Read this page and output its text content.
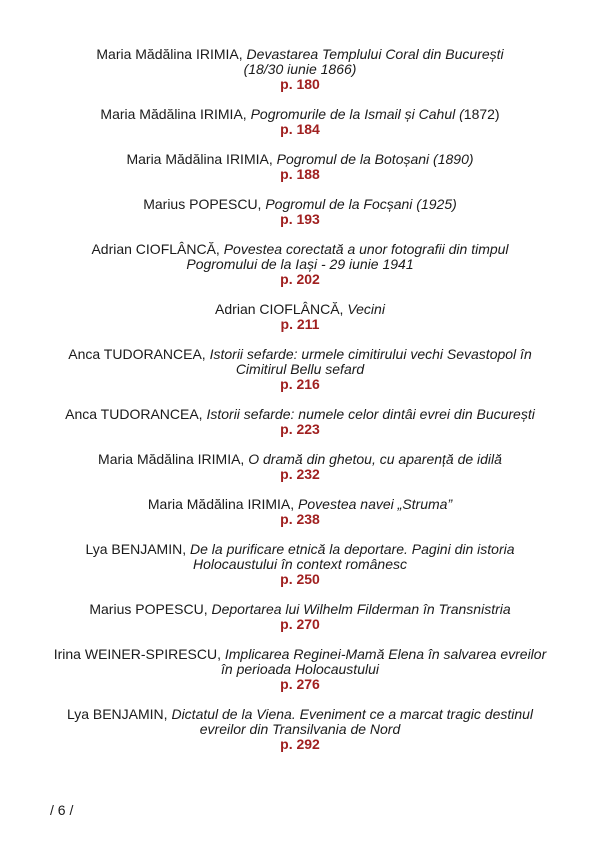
Maria Mădălina IRIMIA, Devastarea Templului Coral din București
(18/30 iunie 1866)

p. 180

Maria Mădălina IRIMIA, Pogromurile de la Ismail și Cahul (1872)

p. 184

Maria Mădălina IRIMIA, Pogromul de la Botoșani (1890)

p. 188

Marius POPESCU, Pogromul de la Focșani (1925)

p. 193

Adrian CIOFLÂNCĂ, Povestea corectată a unor fotografii din timpul
Pogromului de la Iași - 29 iunie 1941

p. 202

Adrian CIOFLÂNCĂ, Vecini

p. 211

Anca TUDORANCEA, Istorii sefarde: urmele cimitirului vechi Sevastopol în
Cimitirul Bellu sefard

p. 216

Anca TUDORANCEA, Istorii sefarde: numele celor dintâi evrei din București

p. 223

Maria Mădălina IRIMIA, O dramă din ghetou, cu aparență de idilă

p. 232

Maria Mădălina IRIMIA, Povestea navei „Struma”

p. 238

Lya BENJAMIN, De la purificare etnică la deportare. Pagini din istoria
Holocaustului în context românesc

p. 250

Marius POPESCU, Deportarea lui Wilhelm Filderman în Transnistria

p. 270

Irina WEINER-SPIRESCU, Implicarea Reginei-Mamă Elena în salvarea evreilor
în perioada Holocaustului

p. 276

Lya BENJAMIN, Dictatul de la Viena. Eveniment ce a marcat tragic destinul
evreilor din Transilvania de Nord

p. 292

/ 6 /
